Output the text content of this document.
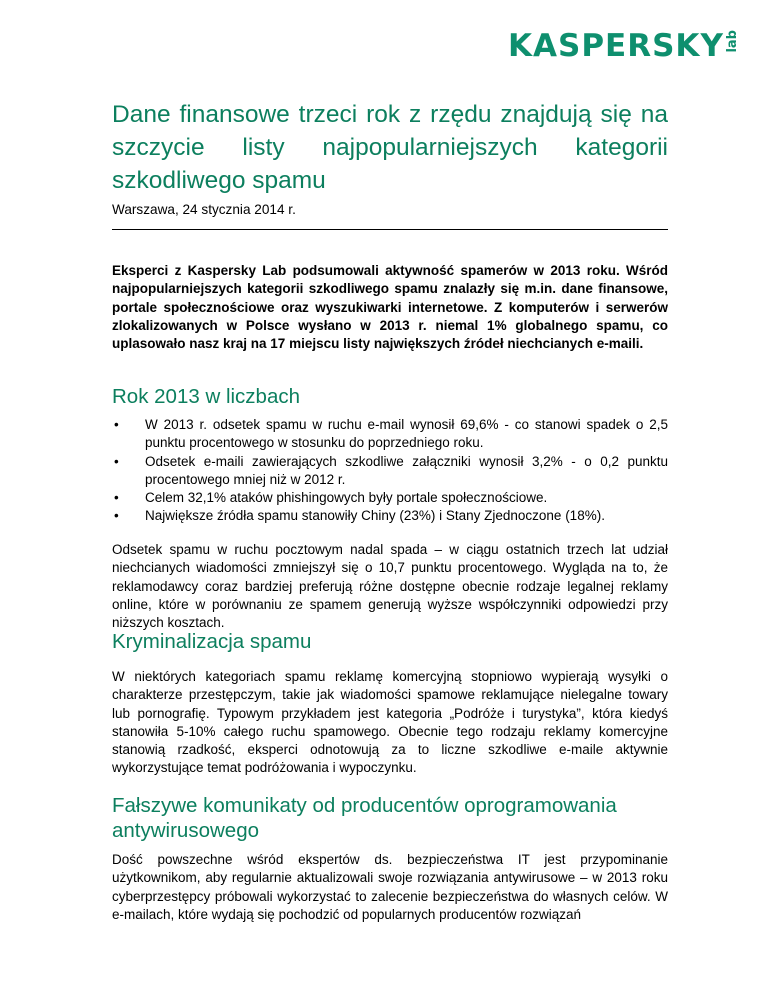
KASPERSKY lab
Dane finansowe trzeci rok z rzędu znajdują się na szczycie listy najpopularniejszych kategorii szkodliwego spamu

Warszawa, 24 stycznia 2014 r.

Eksperci z Kaspersky Lab podsumowali aktywność spamerów w 2013 roku. Wśród najpopularniejszych kategorii szkodliwego spamu znalazły się m.in. dane finansowe, portale społecznościowe oraz wyszukiwarki internetowe. Z komputerów i serwerów zlokalizowanych w Polsce wysłano w 2013 r. niemal 1% globalnego spamu, co uplasowało nasz kraj na 17 miejscu listy największych źródeł niechcianych e-maili.

Rok 2013 w liczbach
• W 2013 r. odsetek spamu w ruchu e-mail wynosił 69,6% - co stanowi spadek o 2,5 punktu procentowego w stosunku do poprzedniego roku.
• Odsetek e-maili zawierających szkodliwe załączniki wynosił 3,2% - o 0,2 punktu procentowego mniej niż w 2012 r.
• Celem 32,1% ataków phishingowych były portale społecznościowe.
• Największe źródła spamu stanowiły Chiny (23%) i Stany Zjednoczone (18%).

Odsetek spamu w ruchu pocztowym nadal spada – w ciągu ostatnich trzech lat udział niechcianych wiadomości zmniejszył się o 10,7 punktu procentowego. Wygląda na to, że reklamodawcy coraz bardziej preferują różne dostępne obecnie rodzaje legalnej reklamy online, które w porównaniu ze spamem generują wyższe współczynniki odpowiedzi przy niższych kosztach.

Kryminalizacja spamu

W niektórych kategoriach spamu reklamę komercyjną stopniowo wypierają wysyłki o charakterze przestępczym, takie jak wiadomości spamowe reklamujące nielegalne towary lub pornografię. Typowym przykładem jest kategoria „Podróże i turystyka”, która kiedyś stanowiła 5-10% całego ruchu spamowego. Obecnie tego rodzaju reklamy komercyjne stanowią rzadkość, eksperci odnotowują za to liczne szkodliwe e-maile aktywnie wykorzystujące temat podróżowania i wypoczynku.

Fałszywe komunikaty od producentów oprogramowania antywirusowego

Dość powszechne wśród ekspertów ds. bezpieczeństwa IT jest przypominanie użytkownikom, aby regularnie aktualizowali swoje rozwiązania antywirusowe – w 2013 roku cyberprzestępcy próbowali wykorzystać to zalecenie bezpieczeństwa do własnych celów. W e-mailach, które wydają się pochodzić od popularnych producentów rozwiązań
